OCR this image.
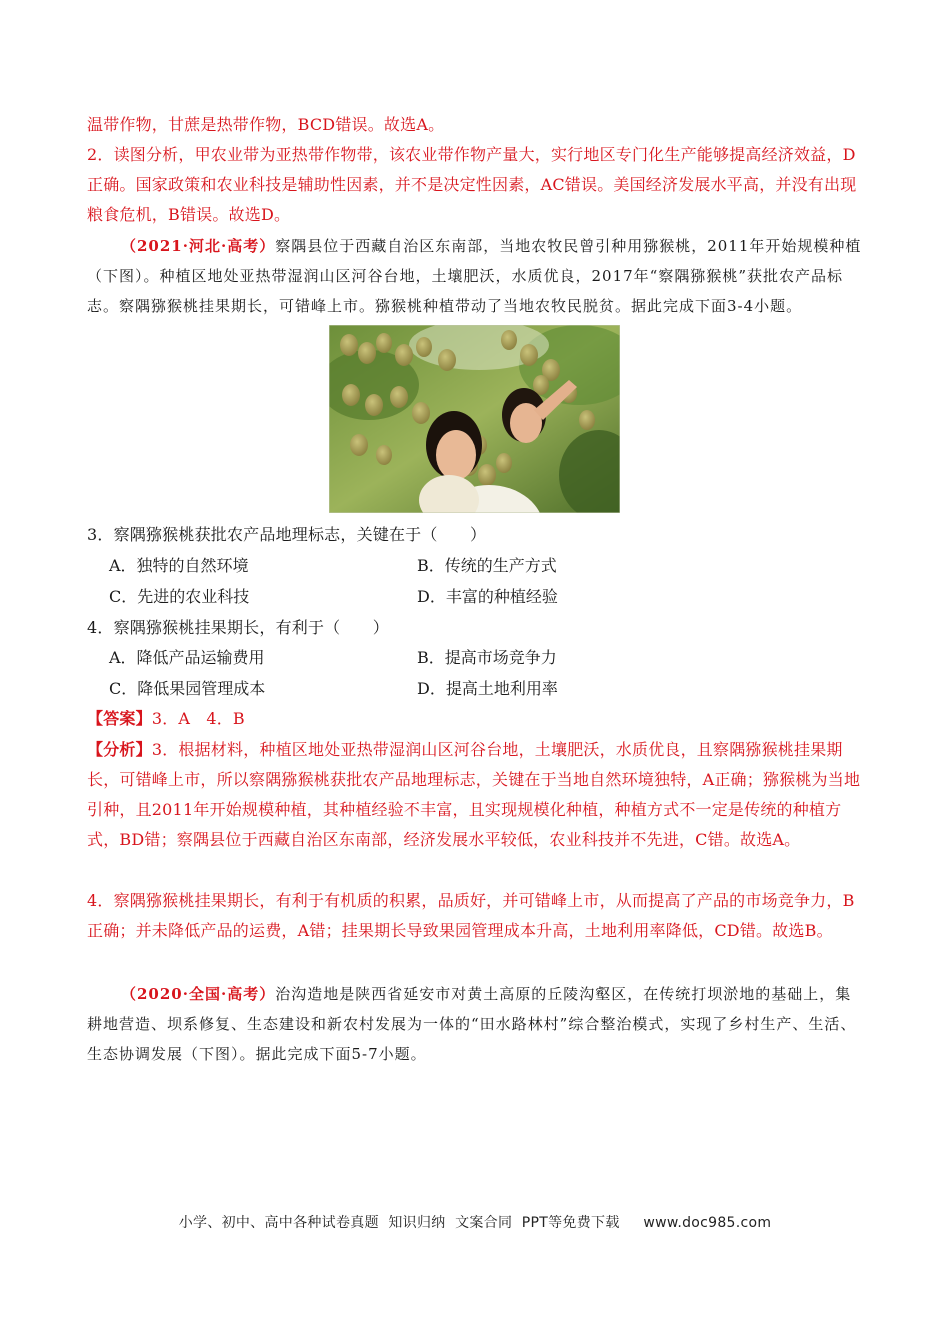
温带作物，甘蔗是热带作物，BCD错误。故选A。

2．读图分析，甲农业带为亚热带作物带，该农业带作物产量大，实行地区专门化生产能够提高经济效益，D正确。国家政策和农业科技是辅助性因素，并不是决定性因素，AC错误。美国经济发展水平高，并没有出现粮食危机，B错误。故选D。

（2021·河北·高考）察隅县位于西藏自治区东南部，当地农牧民曾引种用猕猴桃，2011年开始规模种植（下图）。种植区地处亚热带湿润山区河谷台地，土壤肥沃，水质优良，2017年“察隅猕猴桃”获批农产品标志。察隅猕猴桃挂果期长，可错峰上市。猕猴桃种植带动了当地农牧民脱贫。据此完成下面3-4小题。

3．察隅猕猴桃获批农产品地理标志，关键在于（　　）

A．独特的自然环境	B．传统的生产方式
C．先进的农业科技	D．丰富的种植经验

4．察隅猕猴桃挂果期长，有利于（　　）

A．降低产品运输费用	B．提高市场竞争力
C．降低果园管理成本	D．提高土地利用率

【答案】3．A　4．B

【分析】3．根据材料，种植区地处亚热带湿润山区河谷台地，土壤肥沃，水质优良，且察隅猕猴桃挂果期长，可错峰上市，所以察隅猕猴桃获批农产品地理标志，关键在于当地自然环境独特，A正确；猕猴桃为当地引种，且2011年开始规模种植，其种植经验不丰富，且实现规模化种植，种植方式不一定是传统的种植方式，BD错；察隅县位于西藏自治区东南部，经济发展水平较低，农业科技并不先进，C错。故选A。

4．察隅猕猴桃挂果期长，有利于有机质的积累，品质好，并可错峰上市，从而提高了产品的市场竞争力，B正确；并未降低产品的运费，A错；挂果期长导致果园管理成本升高，土地利用率降低，CD错。故选B。

（2020·全国·高考）治沟造地是陕西省延安市对黄土高原的丘陵沟壑区，在传统打坝淤地的基础上，集耕地营造、坝系修复、生态建设和新农村发展为一体的“田水路林村”综合整治模式，实现了乡村生产、生活、生态协调发展（下图）。据此完成下面5-7小题。

小学、初中、高中各种试卷真题  知识归纳  文案合同  PPT等免费下载     www.doc985.com
